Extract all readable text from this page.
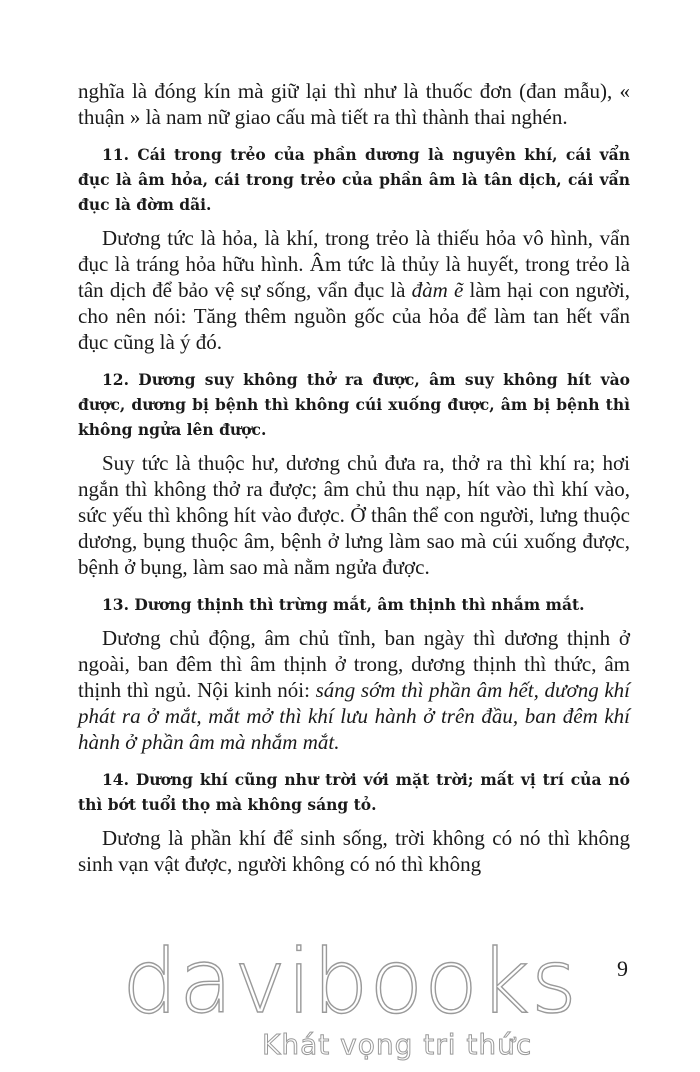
nghĩa là đóng kín mà giữ lại thì như là thuốc đơn (đan mẫu), « thuận » là nam nữ giao cấu mà tiết ra thì thành thai nghén.

11. Cái trong trẻo của phần dương là nguyên khí, cái vẩn đục là âm hỏa, cái trong trẻo của phần âm là tân dịch, cái vẩn đục là đờm dãi.

Dương tức là hỏa, là khí, trong trẻo là thiếu hỏa vô hình, vẩn đục là tráng hỏa hữu hình. Âm tức là thủy là huyết, trong trẻo là tân dịch để bảo vệ sự sống, vẩn đục là đàm ẽ làm hại con người, cho nên nói: Tăng thêm nguồn gốc của hỏa để làm tan hết vẩn đục cũng là ý đó.

12. Dương suy không thở ra được, âm suy không hít vào được, dương bị bệnh thì không cúi xuống được, âm bị bệnh thì không ngửa lên được.

Suy tức là thuộc hư, dương chủ đưa ra, thở ra thì khí ra; hơi ngắn thì không thở ra được; âm chủ thu nạp, hít vào thì khí vào, sức yếu thì không hít vào được. Ở thân thể con người, lưng thuộc dương, bụng thuộc âm, bệnh ở lưng làm sao mà cúi xuống được, bệnh ở bụng, làm sao mà nằm ngửa được.

13. Dương thịnh thì trừng mắt, âm thịnh thì nhắm mắt.

Dương chủ động, âm chủ tĩnh, ban ngày thì dương thịnh ở ngoài, ban đêm thì âm thịnh ở trong, dương thịnh thì thức, âm thịnh thì ngủ. Nội kinh nói: sáng sớm thì phần âm hết, dương khí phát ra ở mắt, mắt mở thì khí lưu hành ở trên đầu, ban đêm khí hành ở phần âm mà nhắm mắt.

14. Dương khí cũng như trời với mặt trời; mất vị trí của nó thì bớt tuổi thọ mà không sáng tỏ.

Dương là phần khí để sinh sống, trời không có nó thì không sinh vạn vật được, người không có nó thì không

9
davibooks
Khát vọng tri thức
